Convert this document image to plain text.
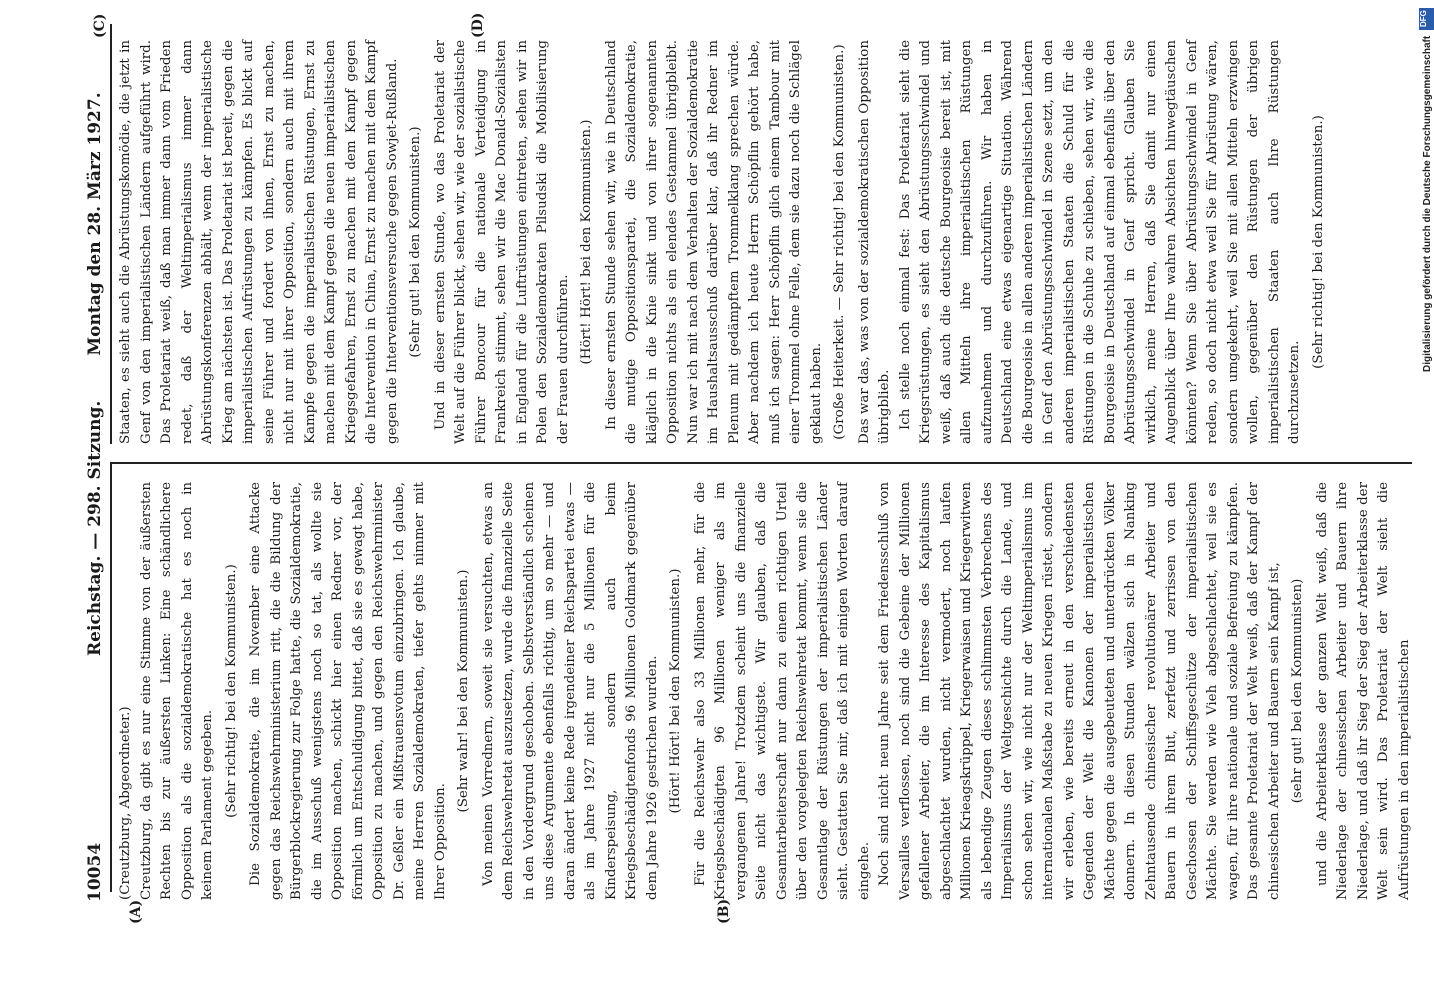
10054  Reichstag. — 298. Sitzung.
(A)	(B)

(Creutzburg, Abgeordneter.) Creutzburg, da gibt es nur eine Stimme von der äußersten Rechten bis zur äußersten Linken: Eine schändlichere Opposition als die sozialdemokratische hat es noch in keinem Parlament gegeben. (Sehr richtig! bei den Kommunisten.) Die Sozialdemokratie, die im November eine Attacke gegen das Reichswehrministerium ritt, die die Bildung der Bürgerblockregierung zur Folge hatte, die Sozialdemokratie, die im Ausschuß wenigstens noch so tat, als wollte sie Opposition machen, schickt hier einen Redner vor, der förmlich um Entschuldigung bittet, daß sie es gewagt habe, Opposition zu machen, und gegen den Reichswehrminister Dr. Geßler ein Mißtrauensvotum einzubringen. Ich glaube, meine Herren Sozialdemokraten, tiefer gehts nimmer mit Ihrer Opposition.

(Sehr wahr! bei den Kommunisten.) Von meinen Vorrednern, soweit sie versuchten, etwas an dem Reichswehretat auszusetzen, wurde die finanzielle Seite in den Vordergrund geschoben. Selbstverständlich scheinen uns diese Argumente ebenfalls richtig, um so mehr — und daran ändert keine Rede irgendeiner Reichspartei etwas — als im Jahre 1927 nicht nur die 5 Millionen für die Kinderspeisung, sondern auch beim Kriegsbeschädigtenfonds 96 Millionen Goldmark gegenüber dem Jahre 1926 gestrichen wurden. (Hört! Hört! bei den Kommunisten.) Für die Reichswehr also 33 Millionen mehr, für die Kriegsbeschädigten 96 Millionen weniger als im vergangenen Jahre! Trotzdem scheint uns die finanzielle Seite nicht das wichtigste. Wir glauben, daß die Gesamtarbeiterschaft nur dann zu einem richtigen Urteil über den vorgelegten Reichswehretat kommt, wenn sie die Gesamtlage der Rüstungen der imperialistischen Länder sieht. Gestatten Sie mir, daß ich mit einigen Worten darauf eingehe. Noch sind nicht neun Jahre seit dem Friedensschluß von Versailles verflossen, noch sind die Gebeine der Millionen gefallener Arbeiter, die im Interesse des Kapitalismus abgeschlachtet wurden, nicht vermodert, noch laufen Millionen Krieagskrüppel, Kriegerwaisen und Kriegerwitwen als lebendige Zeugen dieses schlimmsten Verbrechens des Imperialismus der Weltgeschichte durch die Lande, und schon sehen wir, wie nicht nur der Weltimperialismus im internationalen Maßstabe zu neuen Kriegen rüstet, sondern wir erleben, wie bereits erneut in den verschiedensten Gegenden der Welt die Kanonen der imperialistischen Mächte gegen die ausgebeuteten und unterdrückten Völker donnern. In diesen Stunden wälzen sich in Nanking Zehntausende chinesischer revolutionärer Arbeiter und Bauern in ihrem Blut, zerfetzt und zerrissen von den Geschossen der Schiffsgeschütze der imperialistischen Mächte. Sie werden wie Vieh abgeschlachtet, weil sie es wagen, für ihre nationale und soziale Befreiung zu kämpfen. Das gesamte Proletariat der Welt weiß, daß der Kampf der chinesischen Arbeiter und Bauern sein Kampf ist, (sehr gut! bei den Kommunisten) und die Arbeiterklasse der ganzen Welt weiß, daß die Niederlage der chinesischen Arbeiter und Bauern ihre Niederlage, und daß ihr Sieg der Sieg der Arbeiterklasse der Welt sein wird. Das Proletariat der Welt sieht die Aufrüstungen in den imperialistischen

Montag den 28. März 1927.
(C)	(D)

Staaten, es sieht auch die Abrüstungskomödie, die jetzt in Genf von den imperialistischen Ländern aufgeführt wird. Das Proletariat weiß, daß man immer dann vom Frieden redet, daß der Weltimperialismus immer dann Abrüstungskonferenzen abhält, wenn der imperialistische Krieg am nächsten ist. Das Proletariat ist bereit, gegen die imperialistischen Aufrüstungen zu kämpfen. Es blickt auf seine Führer und fordert von ihnen, Ernst zu machen, nicht nur mit ihrer Opposition, sondern auch mit ihrem Kampfe gegen die imperialistischen Rüstungen, Ernst zu machen mit dem Kampf gegen die neuen imperialistischen Kriegsgefahren, Ernst zu machen mit dem Kampf gegen die Intervention in China, Ernst zu machen mit dem Kampf gegen die Interventionsversuche gegen Sowjet-Rußland. (Sehr gut! bei den Kommunisten.) Und in dieser ernsten Stunde, wo das Proletariat der Welt auf die Führer blickt, sehen wir, wie der sozialistische Führer Boncour für die nationale Verteidigung in Frankreich stimmt, sehen wir die Mac Donald-Sozialisten in England für die Luftrüstungen eintreten, sehen wir in Polen den Sozialdemokraten Pilsudski die Mobilisierung der Frauen durchführen. (Hört! Hört! bei den Kommunisten.) In dieser ernsten Stunde sehen wir, wie in Deutschland die mutige Oppositionspartei, die Sozialdemokratie, kläglich in die Knie sinkt und von ihrer sogenannten Opposition nichts als ein elendes Gestammel übrigbleibt. Nun war ich mit nach dem Verhalten der Sozialdemokratie im Haushaltsausschuß darüber klar, daß ihr Redner im Plenum mit gedämpftem Trommelklang sprechen würde. Aber nachdem ich heute Herrn Schöpflin gehört habe, muß ich sagen: Herr Schöpflin glich einem Tambour mit einer Trommel ohne Felle, dem sie dazu noch die Schlägel geklaut haben. (Große Heiterkeit. — Sehr richtig! bei den Kommunisten.) Das war das, was von der sozialdemokratischen Opposition übrigblieb. Ich stelle noch einmal fest: Das Proletariat sieht die Kriegsrüstungen, es sieht den Abrüstungsschwindel und weiß, daß auch die deutsche Bourgeoisie bereit ist, mit allen Mitteln ihre imperialistischen Rüstungen aufzunehmen und durchzuführen. Wir haben in Deutschland eine etwas eigenartige Situation. Während die Bourgeoisie in allen anderen imperialistischen Ländern in Genf den Abrüstungsschwindel in Szene setzt, um den anderen imperialistischen Staaten die Schuld für die Rüstungen in die Schuhe zu schieben, sehen wir, wie die Bourgeoisie in Deutschland auf einmal ebenfalls über den Abrüstungsschwindel in Genf spricht. Glauben Sie wirklich, meine Herren, daß Sie damit nur einen Augenblick über Ihre wahren Absichten hinwegtäuschen könnten? Wenn Sie über Abrüstungsschwindel in Genf reden, so doch nicht etwa weil Sie für Abrüstung wären, sondern umgekehrt, weil Sie mit allen Mitteln erzwingen wollen, gegenüber den Rüstungen der übrigen imperialistischen Staaten auch Ihre Rüstungen durchzusetzen.

(Sehr richtig! bei den Kommunisten.)

DFG
Digitalisierung gefördert durch die Deutsche Forschungsgemeinschaft
